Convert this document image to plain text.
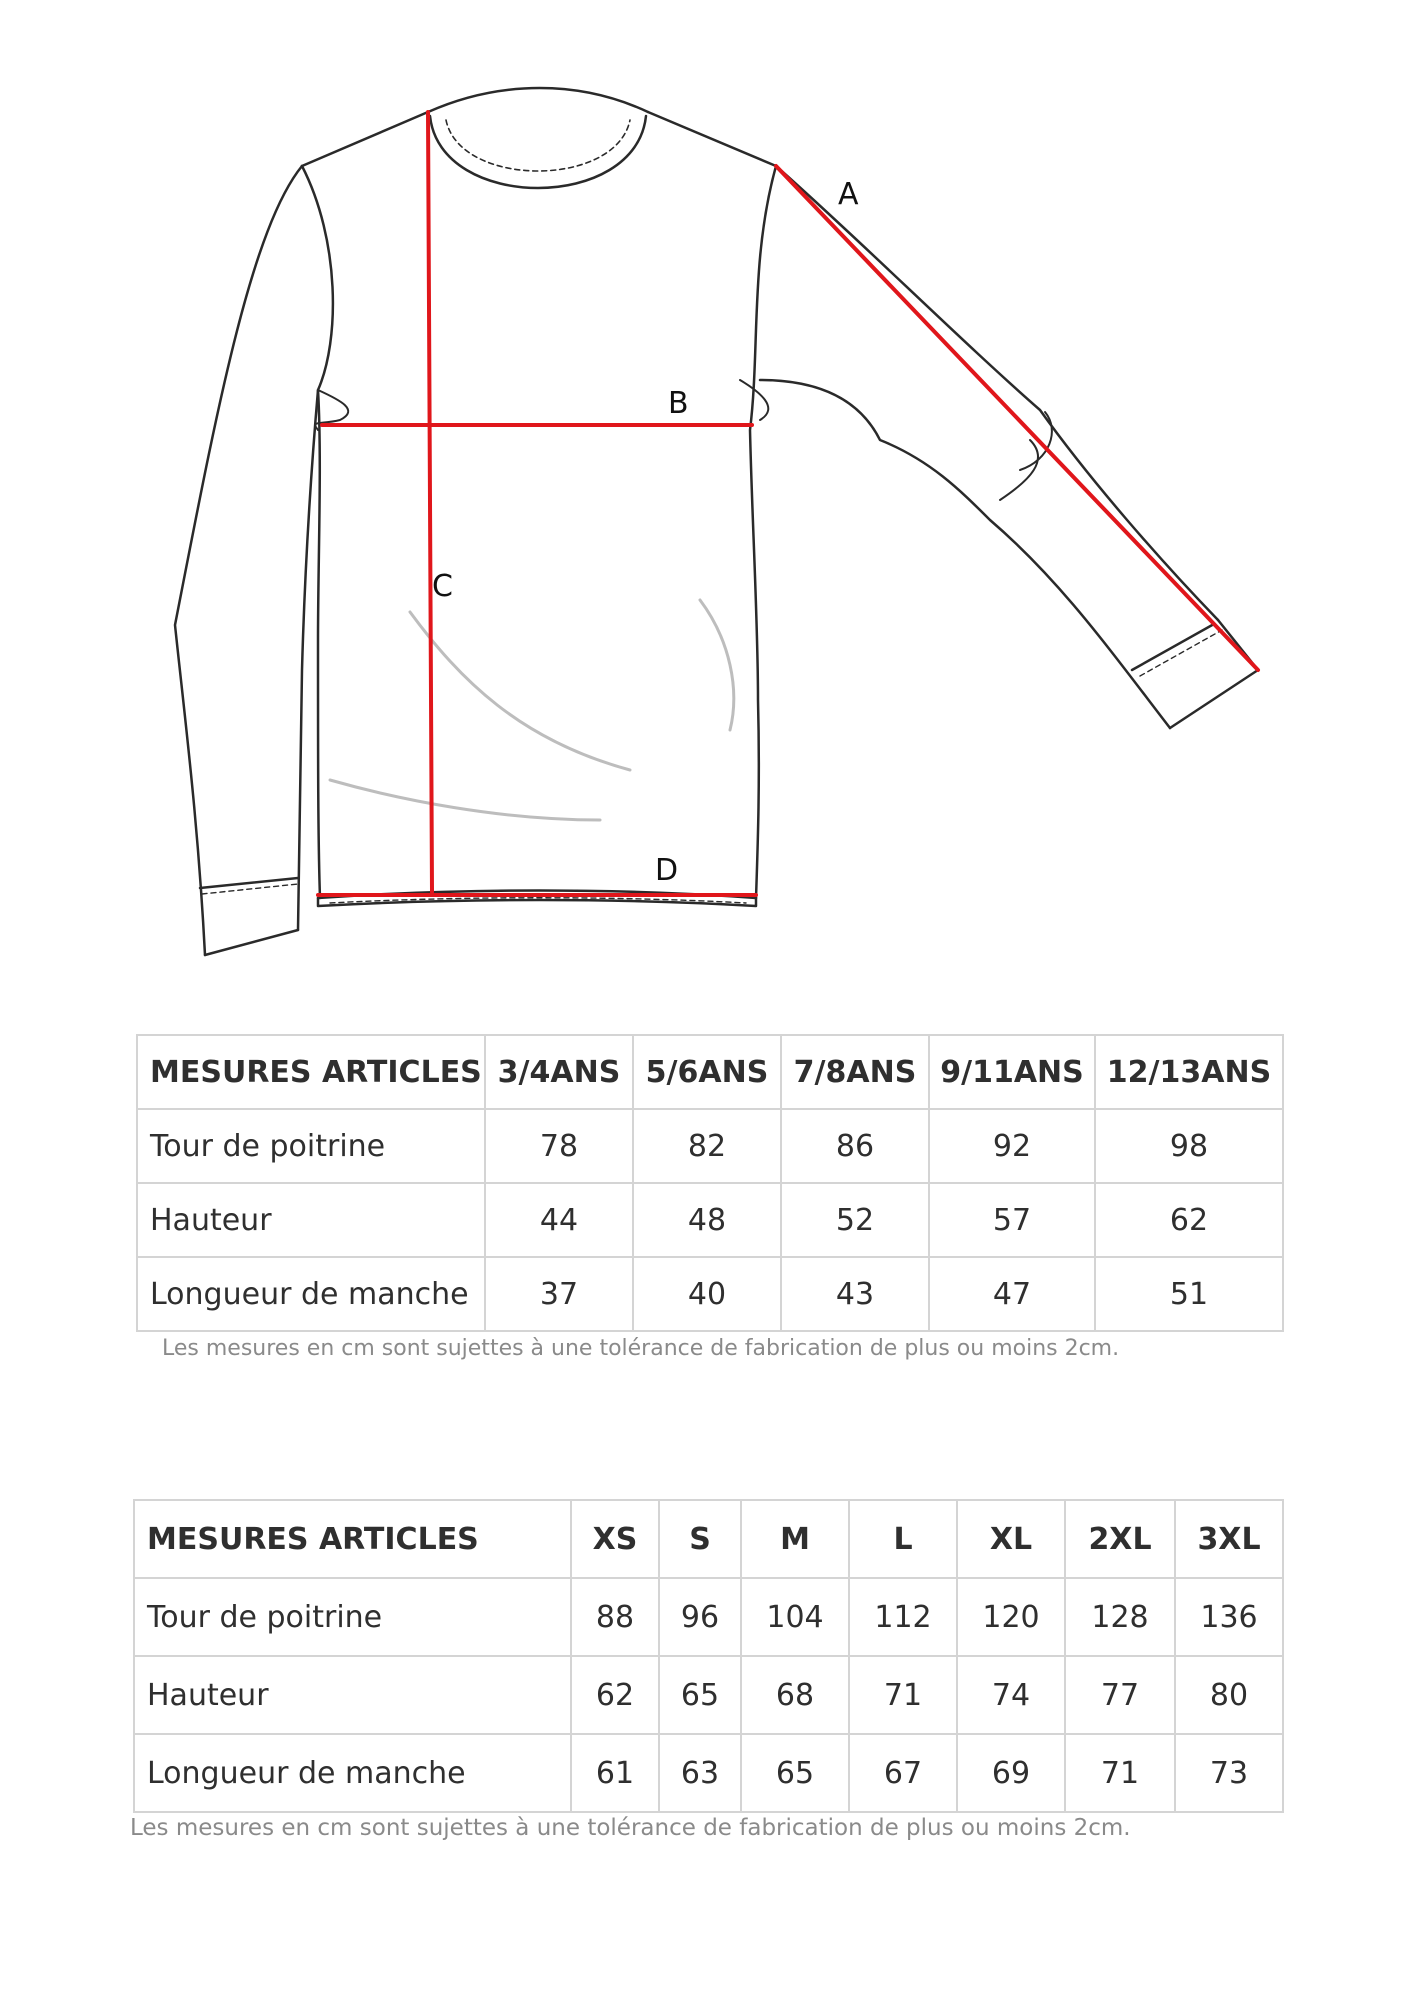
A
B
C
D
MESURES ARTICLES	3/4ANS	5/6ANS	7/8ANS	9/11ANS	12/13ANS
Tour de poitrine	78	82	86	92	98
Hauteur	44	48	52	57	62
Longueur de manche	37	40	43	47	51
Les mesures en cm sont sujettes à une tolérance de fabrication de plus ou moins 2cm.
MESURES ARTICLES	XS	S	M	L	XL	2XL	3XL
Tour de poitrine	88	96	104	112	120	128	136
Hauteur	62	65	68	71	74	77	80
Longueur de manche	61	63	65	67	69	71	73
Les mesures en cm sont sujettes à une tolérance de fabrication de plus ou moins 2cm.
